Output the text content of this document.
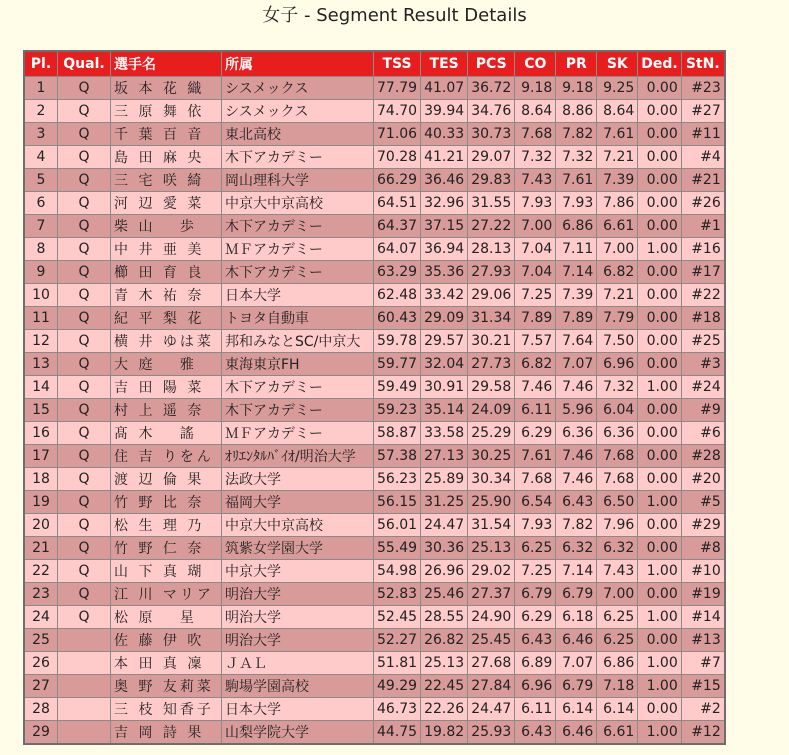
女子 - Segment Result Details
Pl.	Qual.	選手名	所属	TSS	TES	PCS	CO	PR	SK	Ded.	StN.
1	Q	坂 本 花 織	シスメックス	77.79	41.07	36.72	9.18	9.18	9.25	0.00	#23
2	Q	三 原 舞 依	シスメックス	74.70	39.94	34.76	8.64	8.86	8.64	0.00	#27
3	Q	千 葉 百 音	東北高校	71.06	40.33	30.73	7.68	7.82	7.61	0.00	#11
4	Q	島 田 麻 央	木下アカデミー	70.28	41.21	29.07	7.32	7.32	7.21	0.00	#4
5	Q	三 宅 咲 綺	岡山理科大学	66.29	36.46	29.83	7.43	7.61	7.39	0.00	#21
6	Q	河 辺 愛 菜	中京大中京高校	64.51	32.96	31.55	7.93	7.93	7.86	0.00	#26
7	Q	柴 山　 歩	木下アカデミー	64.37	37.15	27.22	7.00	6.86	6.61	0.00	#1
8	Q	中 井 亜 美	ＭＦアカデミー	64.07	36.94	28.13	7.04	7.11	7.00	1.00	#16
9	Q	櫛 田 育 良	木下アカデミー	63.29	35.36	27.93	7.04	7.14	6.82	0.00	#17
10	Q	青 木 祐 奈	日本大学	62.48	33.42	29.06	7.25	7.39	7.21	0.00	#22
11	Q	紀 平 梨 花	トヨタ自動車	60.43	29.09	31.34	7.89	7.89	7.79	0.00	#18
12	Q	横 井 ゆは菜	邦和みなとSC/中京大	59.78	29.57	30.21	7.57	7.64	7.50	0.00	#25
13	Q	大 庭　 雅	東海東京FH	59.77	32.04	27.73	6.82	7.07	6.96	0.00	#3
14	Q	吉 田 陽 菜	木下アカデミー	59.49	30.91	29.58	7.46	7.46	7.32	1.00	#24
15	Q	村 上 遥 奈	木下アカデミー	59.23	35.14	24.09	6.11	5.96	6.04	0.00	#9
16	Q	髙 木　 謠	ＭＦアカデミー	58.87	33.58	25.29	6.29	6.36	6.36	0.00	#6
17	Q	住 吉 りをん	ｵﾘｴﾝﾀﾙﾊﾞｲｵ/明治大学	57.38	27.13	30.25	7.61	7.46	7.68	0.00	#28
18	Q	渡 辺 倫 果	法政大学	56.23	25.89	30.34	7.68	7.46	7.68	0.00	#20
19	Q	竹 野 比 奈	福岡大学	56.15	31.25	25.90	6.54	6.43	6.50	1.00	#5
20	Q	松 生 理 乃	中京大中京高校	56.01	24.47	31.54	7.93	7.82	7.96	0.00	#29
21	Q	竹 野 仁 奈	筑紫女学園大学	55.49	30.36	25.13	6.25	6.32	6.32	0.00	#8
22	Q	山 下 真 瑚	中京大学	54.98	26.96	29.02	7.25	7.14	7.43	1.00	#10
23	Q	江 川 マリア	明治大学	52.83	25.46	27.37	6.79	6.79	7.00	0.00	#19
24	Q	松 原　 星	明治大学	52.45	28.55	24.90	6.29	6.18	6.25	1.00	#14
25		佐 藤 伊 吹	明治大学	52.27	26.82	25.45	6.43	6.46	6.25	0.00	#13
26		本 田 真 凜	ＪＡＬ	51.81	25.13	27.68	6.89	7.07	6.86	1.00	#7
27		奥 野 友莉菜	駒場学園高校	49.29	22.45	27.84	6.96	6.79	7.18	1.00	#15
28		三 枝 知香子	日本大学	46.73	22.26	24.47	6.11	6.14	6.14	0.00	#2
29		吉 岡 詩 果	山梨学院大学	44.75	19.82	25.93	6.43	6.46	6.61	1.00	#12
